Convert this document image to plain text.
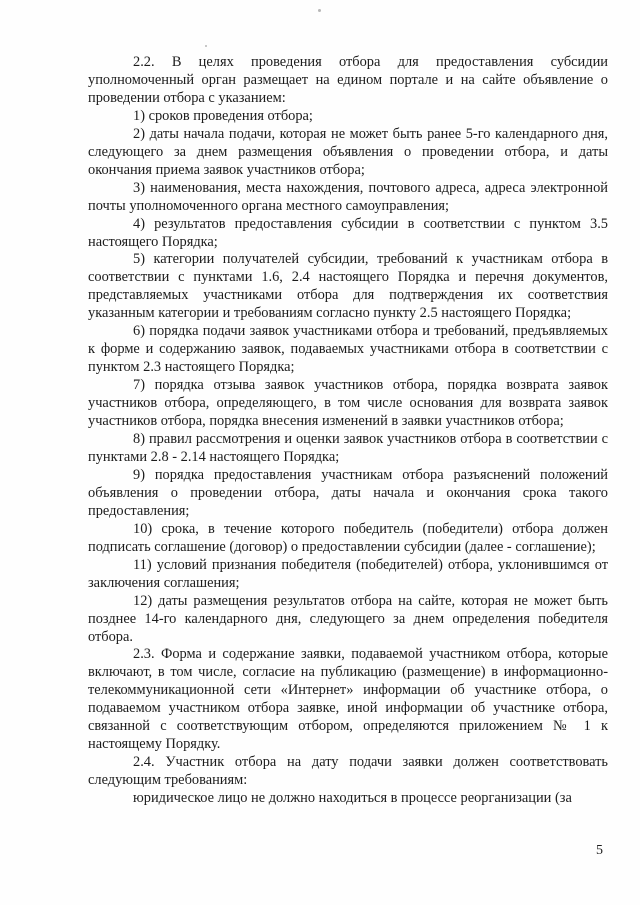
2.2. В целях проведения отбора для предоставления субсидии уполномоченный орган размещает на едином портале и на сайте объявление о проведении отбора с указанием:

1) сроков проведения отбора;

2) даты начала подачи, которая не может быть ранее 5-го календарного дня, следующего за днем размещения объявления о проведении отбора, и даты окончания приема заявок участников отбора;

3) наименования, места нахождения, почтового адреса, адреса электронной почты уполномоченного органа местного самоуправления;

4) результатов предоставления субсидии в соответствии с пунктом 3.5 настоящего Порядка;

5) категории получателей субсидии, требований к участникам отбора в соответствии с пунктами 1.6, 2.4 настоящего Порядка и перечня документов, представляемых участниками отбора для подтверждения их соответствия указанным категории и требованиям согласно пункту 2.5 настоящего Порядка;

6) порядка подачи заявок участниками отбора и требований, предъявляемых к форме и содержанию заявок, подаваемых участниками отбора в соответствии с пунктом 2.3 настоящего Порядка;

7) порядка отзыва заявок участников отбора, порядка возврата заявок участников отбора, определяющего, в том числе основания для возврата заявок участников отбора, порядка внесения изменений в заявки участников отбора;

8) правил рассмотрения и оценки заявок участников отбора в соответствии с пунктами 2.8 - 2.14 настоящего Порядка;

9) порядка предоставления участникам отбора разъяснений положений объявления о проведении отбора, даты начала и окончания срока такого предоставления;

10) срока, в течение которого победитель (победители) отбора должен подписать соглашение (договор) о предоставлении субсидии (далее - соглашение);

11) условий признания победителя (победителей) отбора, уклонившимся от заключения соглашения;

12) даты размещения результатов отбора на сайте, которая не может быть позднее 14-го календарного дня, следующего за днем определения победителя отбора.

2.3. Форма и содержание заявки, подаваемой участником отбора, которые включают, в том числе, согласие на публикацию (размещение) в информационно-телекоммуникационной сети «Интернет» информации об участнике отбора, о подаваемом участником отбора заявке, иной информации об участнике отбора, связанной с соответствующим отбором, определяются приложением № 1 к настоящему Порядку.

2.4. Участник отбора на дату подачи заявки должен соответствовать следующим требованиям:

юридическое лицо не должно находиться в процессе реорганизации (за

5
